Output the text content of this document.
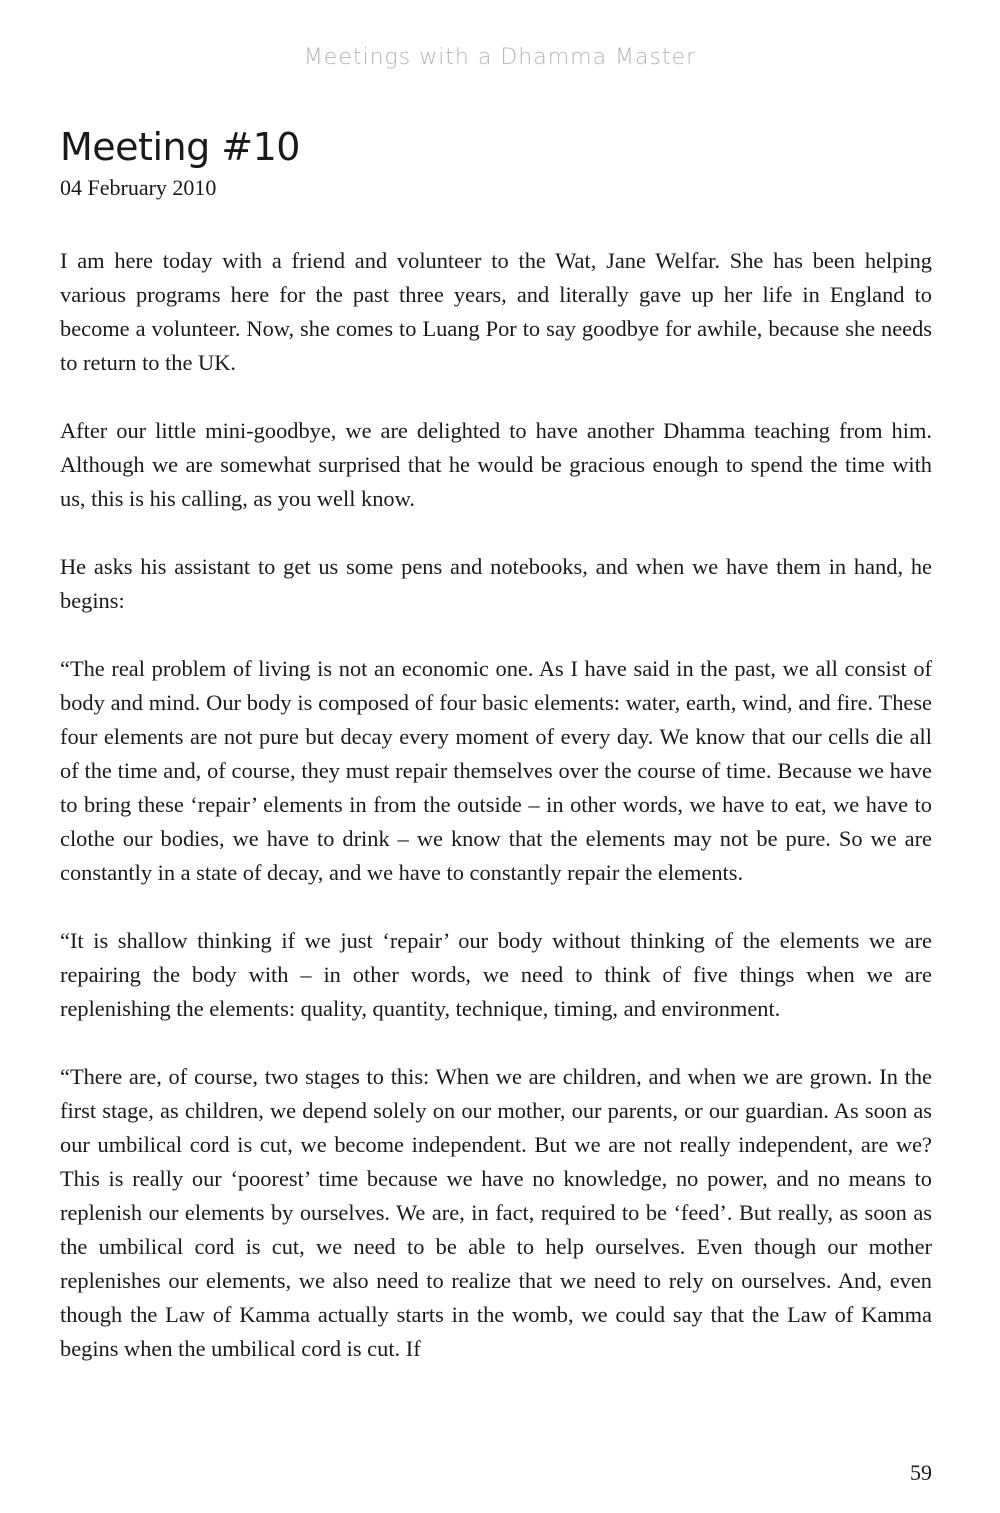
Meetings with a Dhamma Master
Meeting #10
04 February 2010

I am here today with a friend and volunteer to the Wat, Jane Welfar. She has been helping various programs here for the past three years, and literally gave up her life in England to become a volunteer. Now, she comes to Luang Por to say goodbye for awhile, because she needs to return to the UK.

After our little mini-goodbye, we are delighted to have another Dhamma teaching from him. Although we are somewhat surprised that he would be gracious enough to spend the time with us, this is his calling, as you well know.

He asks his assistant to get us some pens and notebooks, and when we have them in hand, he begins:

“The real problem of living is not an economic one. As I have said in the past, we all consist of body and mind. Our body is composed of four basic elements: water, earth, wind, and fire. These four elements are not pure but decay every moment of every day. We know that our cells die all of the time and, of course, they must repair themselves over the course of time. Because we have to bring these ‘repair’ elements in from the outside – in other words, we have to eat, we have to clothe our bodies, we have to drink – we know that the elements may not be pure. So we are constantly in a state of decay, and we have to constantly repair the elements.

“It is shallow thinking if we just ‘repair’ our body without thinking of the elements we are repairing the body with – in other words, we need to think of five things when we are replenishing the elements: quality, quantity, technique, timing, and environment.

“There are, of course, two stages to this: When we are children, and when we are grown. In the first stage, as children, we depend solely on our mother, our parents, or our guardian. As soon as our umbilical cord is cut, we become independent. But we are not really independent, are we? This is really our ‘poorest’ time because we have no knowledge, no power, and no means to replenish our elements by ourselves. We are, in fact, required to be ‘feed’. But really, as soon as the umbilical cord is cut, we need to be able to help ourselves. Even though our mother replenishes our elements, we also need to realize that we need to rely on ourselves. And, even though the Law of Kamma actually starts in the womb, we could say that the Law of Kamma begins when the umbilical cord is cut. If

59
